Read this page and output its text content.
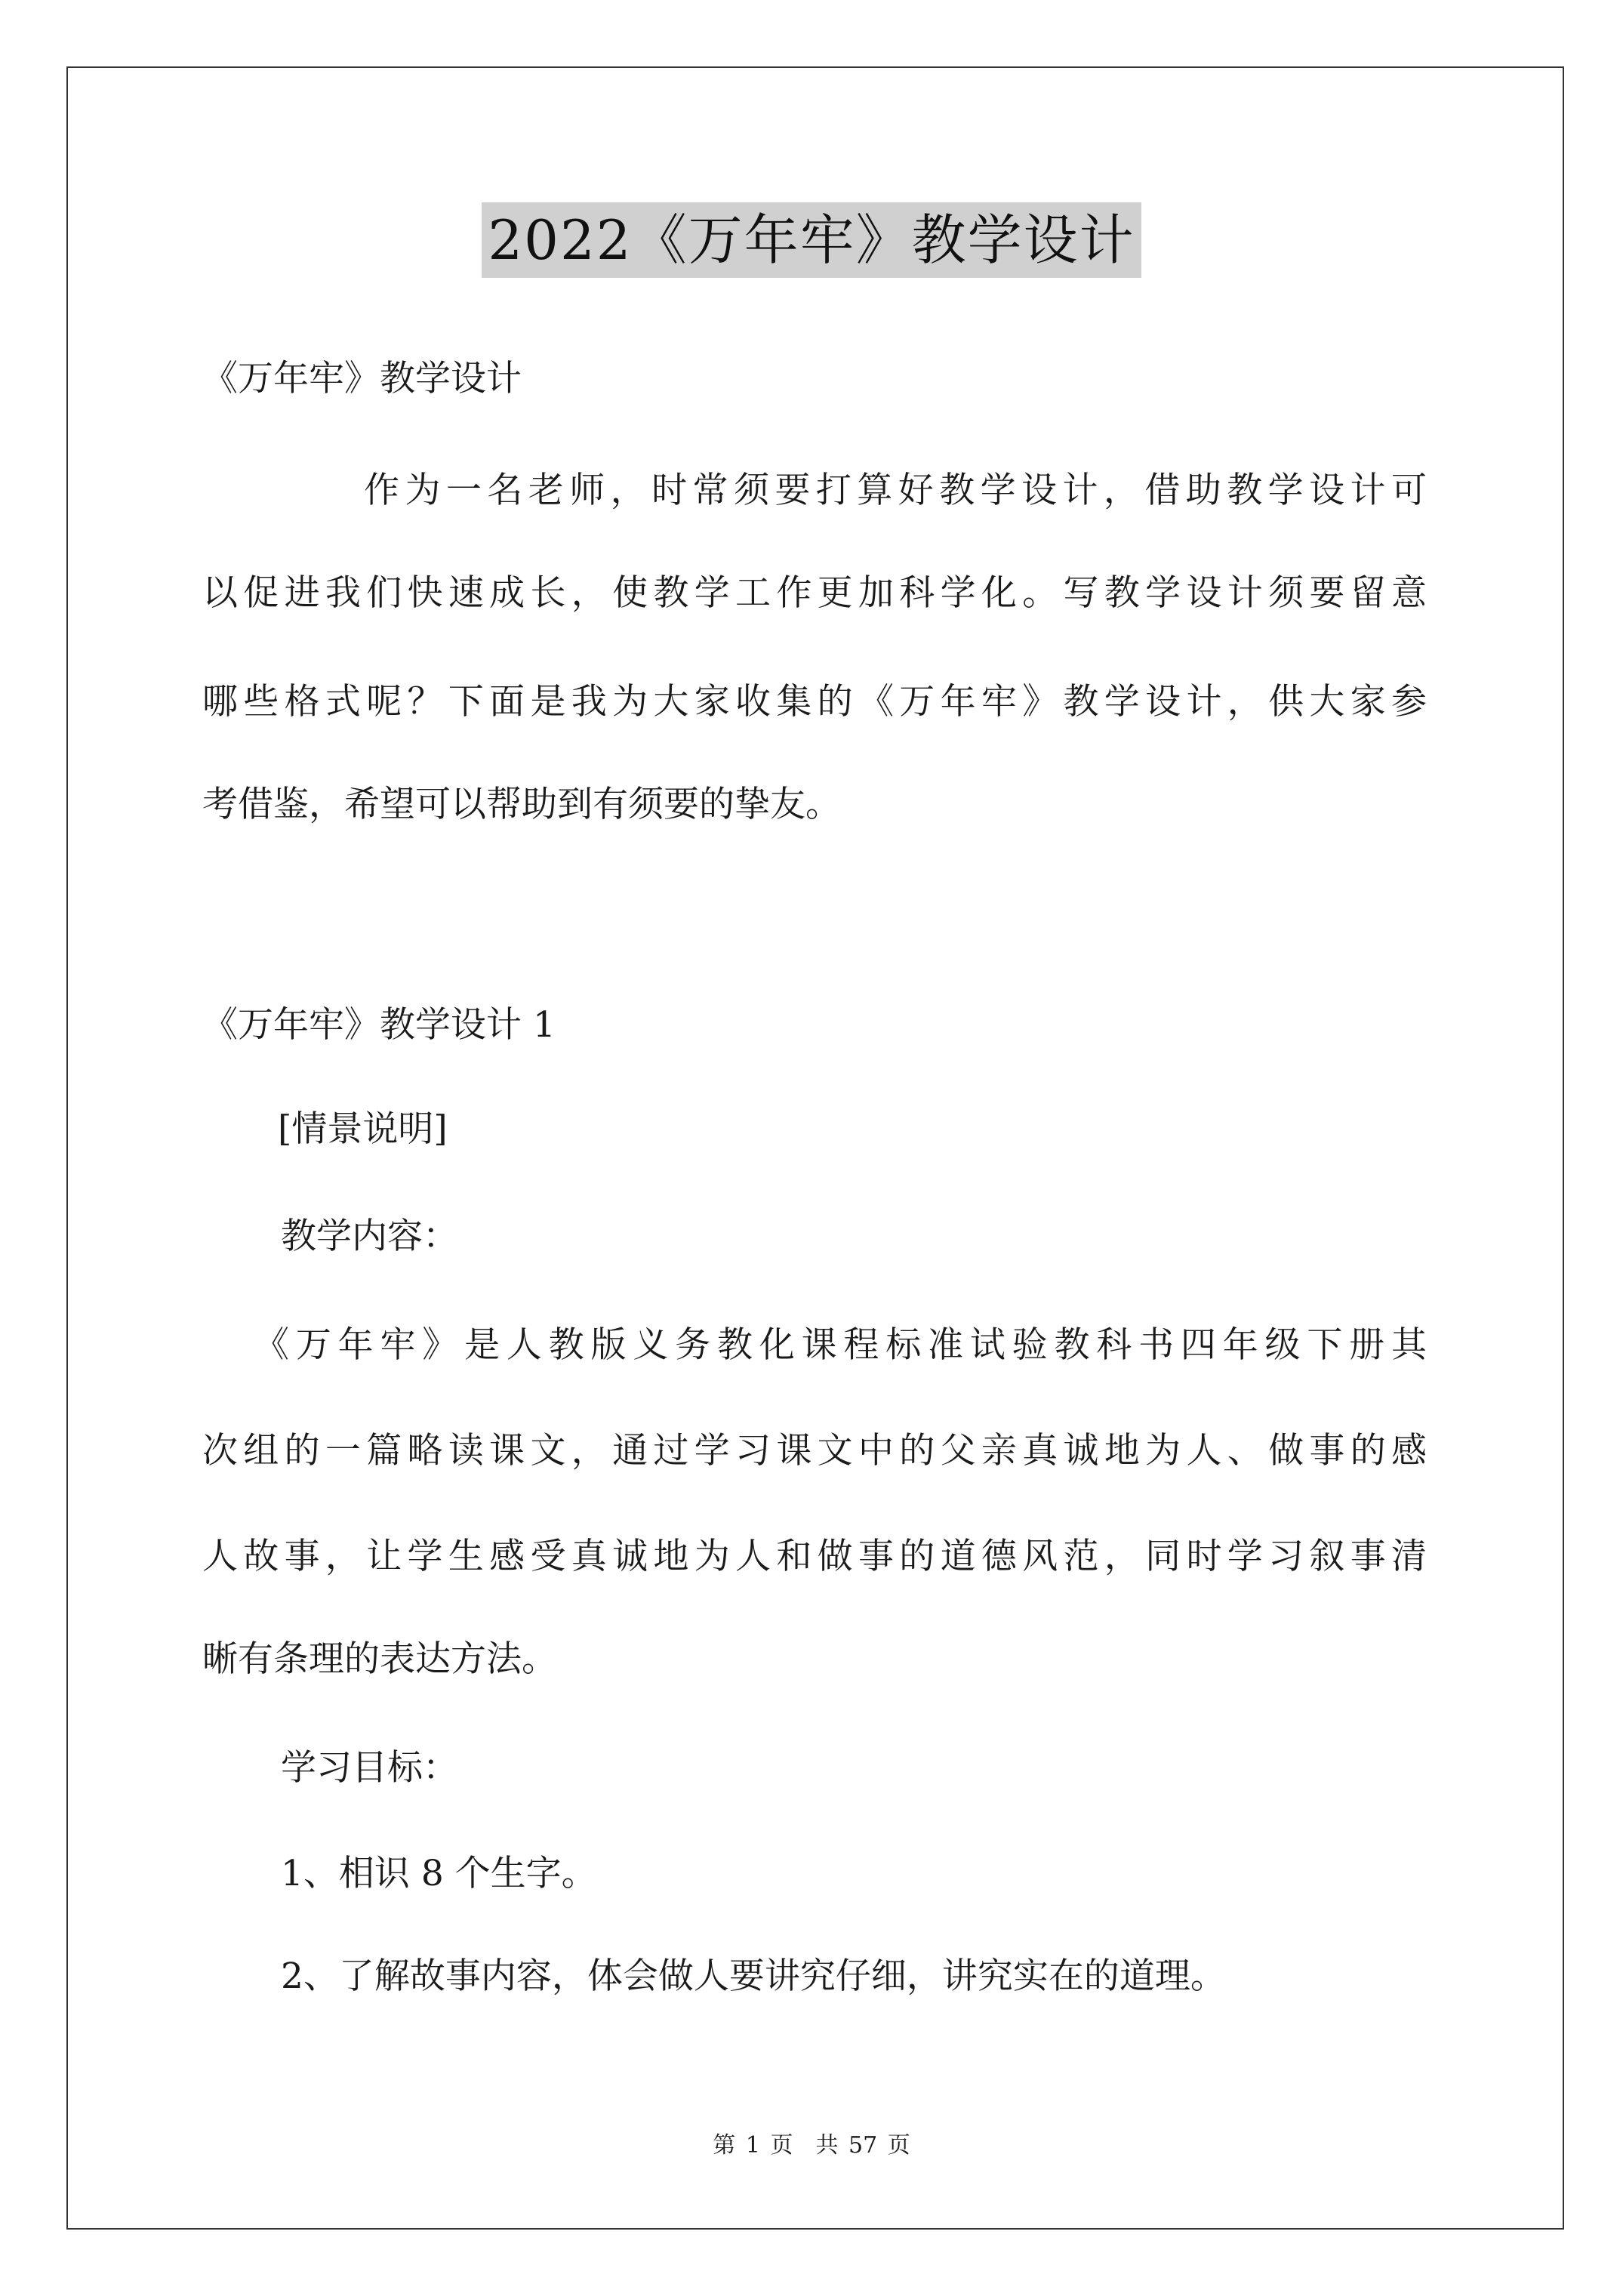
2022《万年牢》教学设计
《万年牢》教学设计
作为一名老师，时常须要打算好教学设计，借助教学设计可
以促进我们快速成长，使教学工作更加科学化。写教学设计须要留意
哪些格式呢？下面是我为大家收集的《万年牢》教学设计，供大家参
考借鉴，希望可以帮助到有须要的挚友。
《万年牢》教学设计 1
[情景说明]
教学内容：
《万年牢》是人教版义务教化课程标准试验教科书四年级下册其
次组的一篇略读课文，通过学习课文中的父亲真诚地为人、做事的感
人故事，让学生感受真诚地为人和做事的道德风范，同时学习叙事清
晰有条理的表达方法。
学习目标：
1、相识 8 个生字。
2、了解故事内容，体会做人要讲究仔细，讲究实在的道理。
第 1 页　共 57 页
